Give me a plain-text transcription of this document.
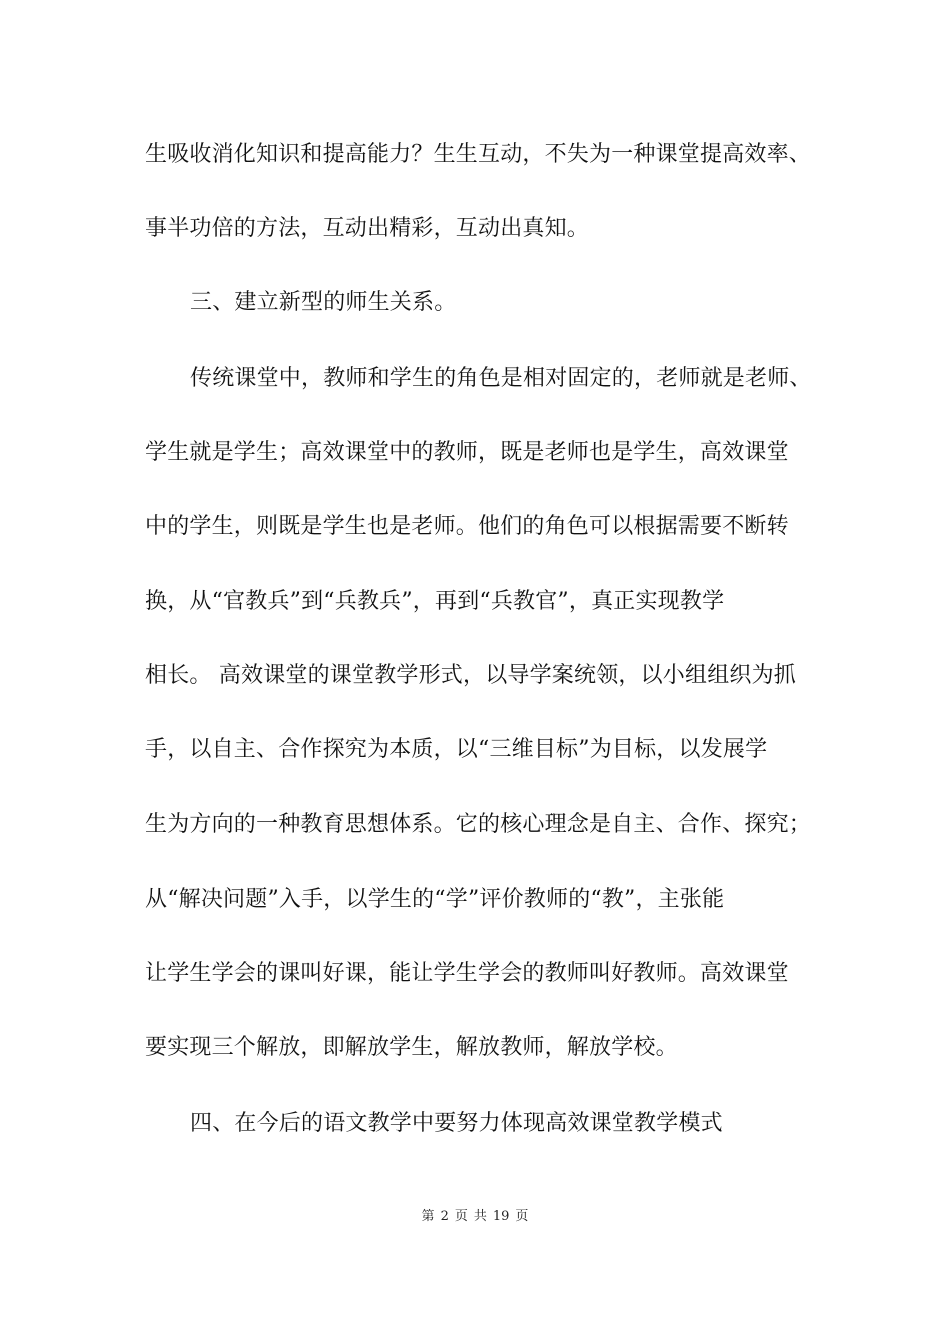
生吸收消化知识和提高能力？生生互动，不失为一种课堂提高效率、
事半功倍的方法，互动出精彩，互动出真知。
三、建立新型的师生关系。
传统课堂中，教师和学生的角色是相对固定的，老师就是老师、
学生就是学生；高效课堂中的教师，既是老师也是学生，高效课堂
中的学生，则既是学生也是老师。他们的角色可以根据需要不断转
换，从“官教兵”到“兵教兵”，再到“兵教官”，真正实现教学
相长。 高效课堂的课堂教学形式，以导学案统领，以小组组织为抓
手，以自主、合作探究为本质，以“三维目标”为目标，以发展学
生为方向的一种教育思想体系。它的核心理念是自主、合作、探究；
从“解决问题”入手，以学生的“学”评价教师的“教”，主张能
让学生学会的课叫好课，能让学生学会的教师叫好教师。高效课堂
要实现三个解放，即解放学生，解放教师，解放学校。
四、在今后的语文教学中要努力体现高效课堂教学模式
第 2 页 共 19 页
